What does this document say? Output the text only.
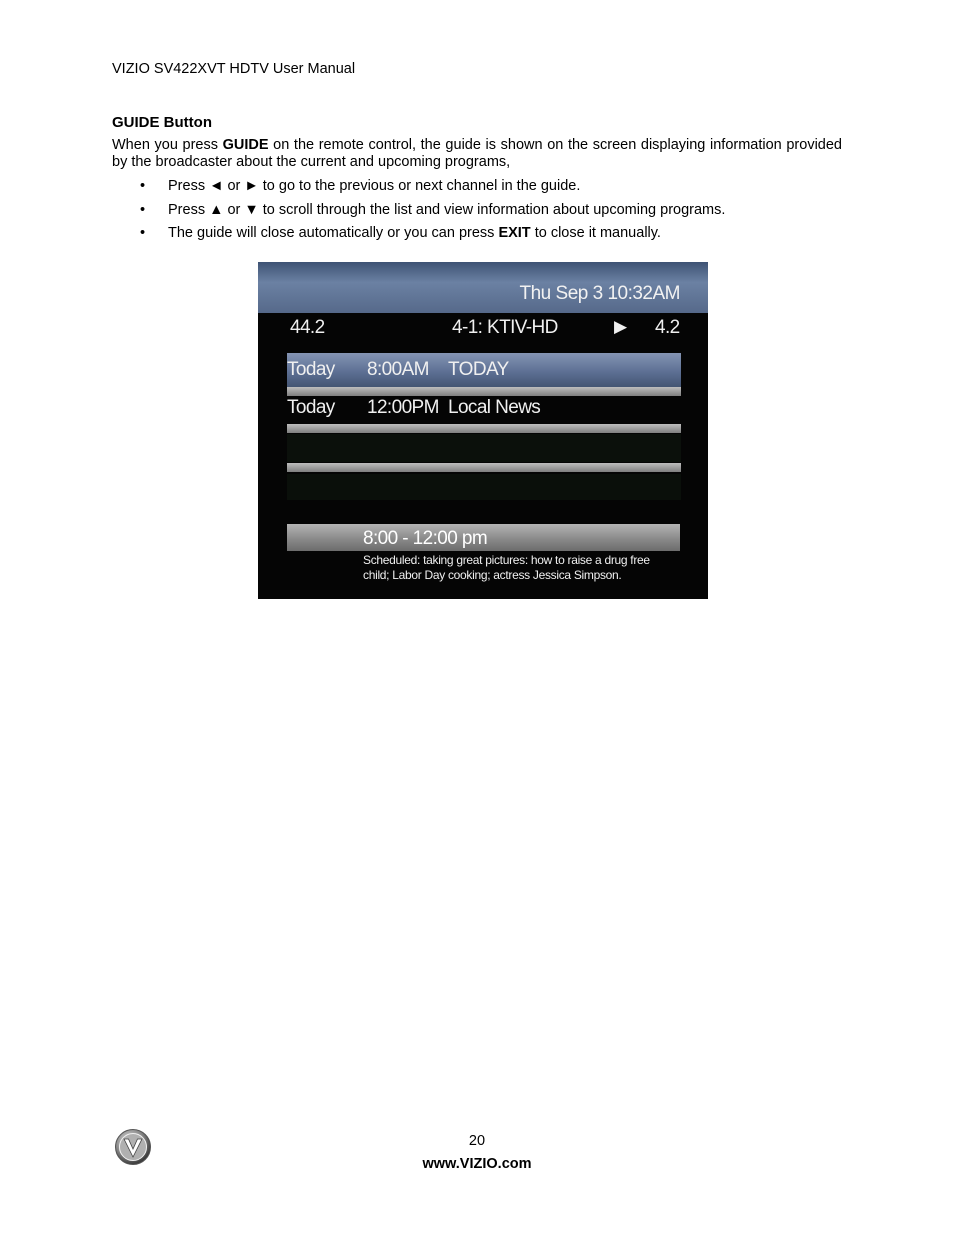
VIZIO SV422XVT HDTV User Manual
GUIDE Button
When you press GUIDE on the remote control, the guide is shown on the screen displaying information provided by the broadcaster about the current and upcoming programs,
• Press ◄ or ► to go to the previous or next channel in the guide.
• Press ▲ or ▼ to scroll through the list and view information about upcoming programs.
• The guide will close automatically or you can press EXIT to close it manually.
Thu Sep 3 10:32AM
44.2	4-1: KTIV-HD	▶ 4.2
Today 8:00AM TODAY
Today 12:00PM Local News
8:00 - 12:00 pm
Scheduled: taking great pictures: how to raise a drug free child; Labor Day cooking; actress Jessica Simpson.
20
www.VIZIO.com
